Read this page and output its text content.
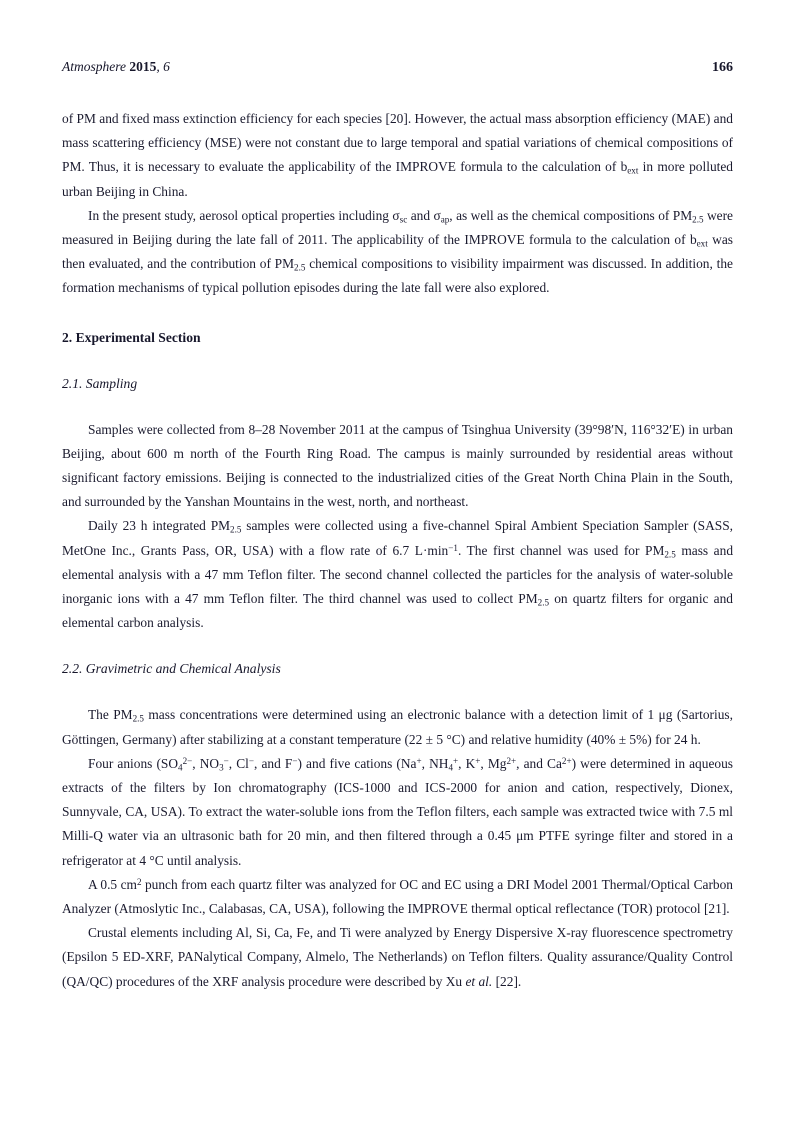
Atmosphere 2015, 6	166

of PM and fixed mass extinction efficiency for each species [20]. However, the actual mass absorption efficiency (MAE) and mass scattering efficiency (MSE) were not constant due to large temporal and spatial variations of chemical compositions of PM. Thus, it is necessary to evaluate the applicability of the IMPROVE formula to the calculation of $b_{ext}$ in more polluted urban Beijing in China.

In the present study, aerosol optical properties including $\sigma_{sc}$ and $\sigma_{ap}$, as well as the chemical compositions of $PM_{2.5}$ were measured in Beijing during the late fall of 2011. The applicability of the IMPROVE formula to the calculation of $b_{ext}$ was then evaluated, and the contribution of $PM_{2.5}$ chemical compositions to visibility impairment was discussed. In addition, the formation mechanisms of typical pollution episodes during the late fall were also explored.

2. Experimental Section
2.1. Sampling

Samples were collected from 8–28 November 2011 at the campus of Tsinghua University (39°98′N, 116°32′E) in urban Beijing, about 600 m north of the Fourth Ring Road. The campus is mainly surrounded by residential areas without significant factory emissions. Beijing is connected to the industrialized cities of the Great North China Plain in the South, and surrounded by the Yanshan Mountains in the west, north, and northeast.

Daily 23 h integrated $PM_{2.5}$ samples were collected using a five-channel Spiral Ambient Speciation Sampler (SASS, MetOne Inc., Grants Pass, OR, USA) with a flow rate of 6.7 $L\cdot\min^{-1}$. The first channel was used for $PM_{2.5}$ mass and elemental analysis with a 47 mm Teflon filter. The second channel collected the particles for the analysis of water-soluble inorganic ions with a 47 mm Teflon filter. The third channel was used to collect $PM_{2.5}$ on quartz filters for organic and elemental carbon analysis.

2.2. Gravimetric and Chemical Analysis

The $PM_{2.5}$ mass concentrations were determined using an electronic balance with a detection limit of 1 μg (Sartorius, Göttingen, Germany) after stabilizing at a constant temperature (22 ± 5 °C) and relative humidity (40% ± 5%) for 24 h.

Four anions ($SO_4^{2-}$, $NO_3^-$, Cl−, and F−) and five cations (Na+, $NH_4^+$, K+, $Mg^{2+}$, and $Ca^{2+}$) were determined in aqueous extracts of the filters by Ion chromatography (ICS-1000 and ICS-2000 for anion and cation, respectively, Dionex, Sunnyvale, CA, USA). To extract the water-soluble ions from the Teflon filters, each sample was extracted twice with 7.5 ml Milli-Q water via an ultrasonic bath for 20 min, and then filtered through a 0.45 μm PTFE syringe filter and stored in a refrigerator at 4 °C until analysis.

A 0.5 $cm^2$ punch from each quartz filter was analyzed for OC and EC using a DRI Model 2001 Thermal/Optical Carbon Analyzer (Atmoslytic Inc., Calabasas, CA, USA), following the IMPROVE thermal optical reflectance (TOR) protocol [21].

Crustal elements including Al, Si, Ca, Fe, and Ti were analyzed by Energy Dispersive X-ray fluorescence spectrometry (Epsilon 5 ED-XRF, PANalytical Company, Almelo, The Netherlands) on Teflon filters. Quality assurance/Quality Control (QA/QC) procedures of the XRF analysis procedure were described by Xu et al. [22].
